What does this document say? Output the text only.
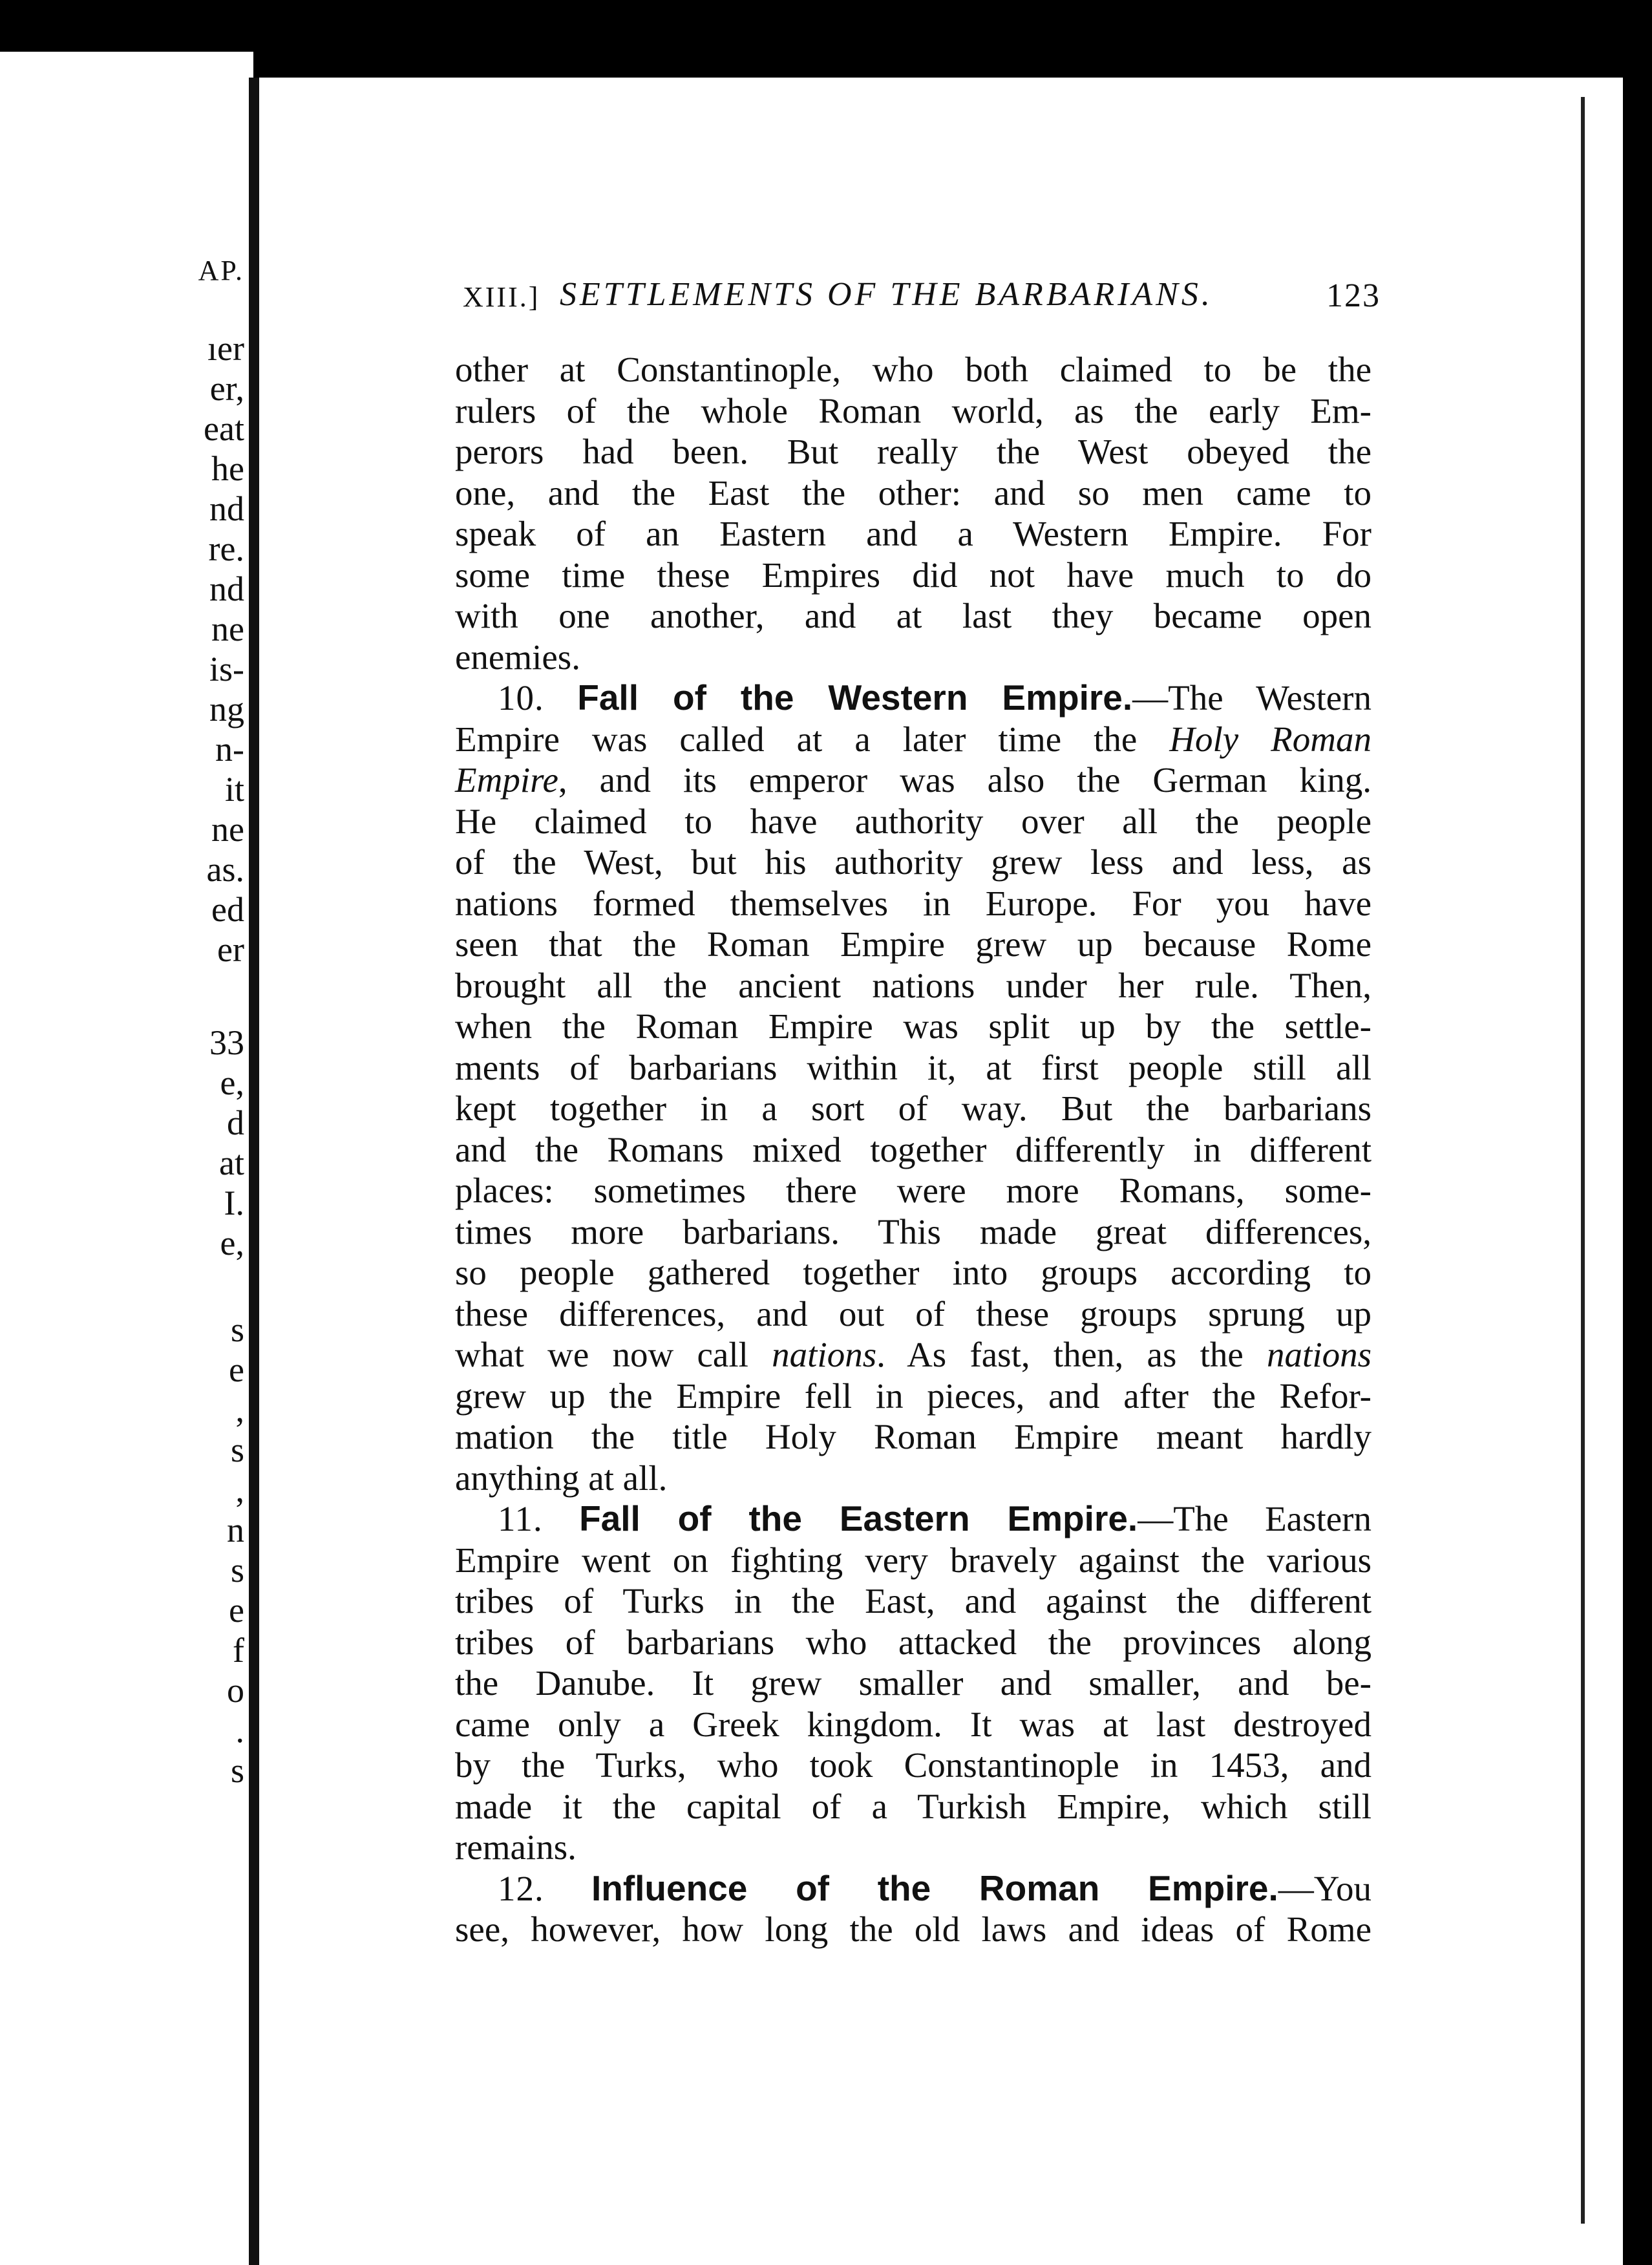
AP.
ıer
er,
eat
he
nd
re.
nd
ne
is-
ng
n-
it
ne
as.
ed
er
33
e,
d
at
I.
e,
s
e
,
s
,
n
s
e
f
o
.
s
XIII.] SETTLEMENTS OF THE BARBARIANS.	123
other at Constantinople, who both claimed to be the
rulers of the whole Roman world, as the early Em-
perors had been. But really the West obeyed the
one, and the East the other: and so men came to
speak of an Eastern and a Western Empire. For
some time these Empires did not have much to do
with one another, and at last they became open
enemies.
10. Fall of the Western Empire.—The Western
Empire was called at a later time the Holy Roman
Empire, and its emperor was also the German king.
He claimed to have authority over all the people
of the West, but his authority grew less and less, as
nations formed themselves in Europe. For you have
seen that the Roman Empire grew up because Rome
brought all the ancient nations under her rule. Then,
when the Roman Empire was split up by the settle-
ments of barbarians within it, at first people still all
kept together in a sort of way. But the barbarians
and the Romans mixed together differently in different
places: sometimes there were more Romans, some-
times more barbarians. This made great differences,
so people gathered together into groups according to
these differences, and out of these groups sprung up
what we now call nations. As fast, then, as the nations
grew up the Empire fell in pieces, and after the Refor-
mation the title Holy Roman Empire meant hardly
anything at all.
11. Fall of the Eastern Empire.—The Eastern
Empire went on fighting very bravely against the various
tribes of Turks in the East, and against the different
tribes of barbarians who attacked the provinces along
the Danube. It grew smaller and smaller, and be-
came only a Greek kingdom. It was at last destroyed
by the Turks, who took Constantinople in 1453, and
made it the capital of a Turkish Empire, which still
remains.
12. Influence of the Roman Empire.—You
see, however, how long the old laws and ideas of Rome
